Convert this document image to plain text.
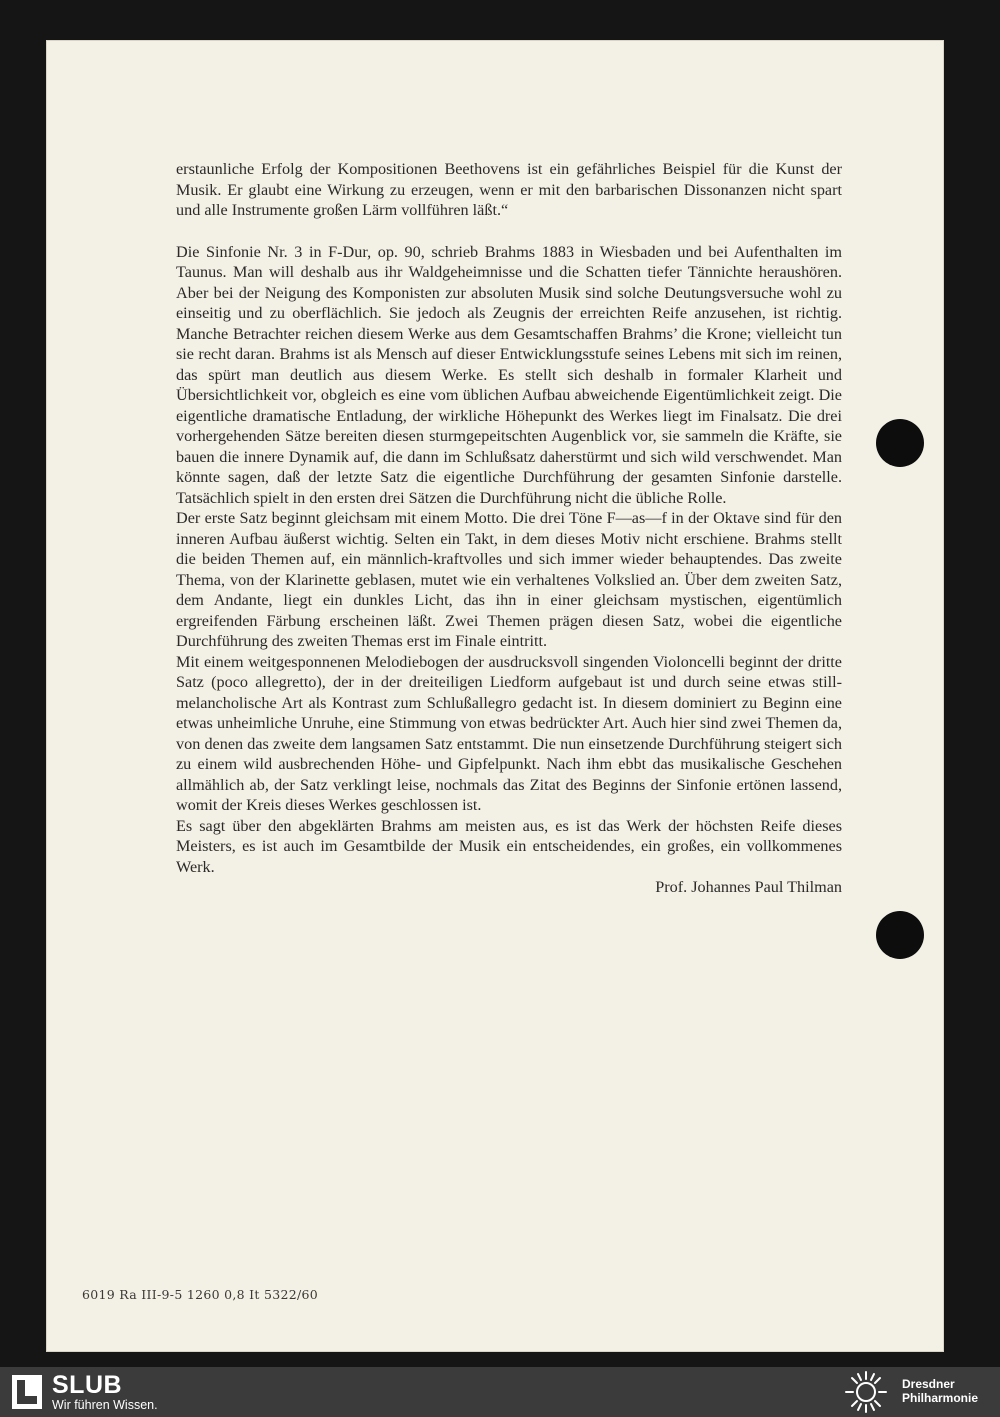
erstaunliche Erfolg der Kompositionen Beethovens ist ein gefährliches Beispiel für die Kunst der Musik. Er glaubt eine Wirkung zu erzeugen, wenn er mit den barbarischen Dissonanzen nicht spart und alle Instrumente großen Lärm vollführen läßt.“

Die Sinfonie Nr. 3 in F-Dur, op. 90, schrieb Brahms 1883 in Wiesbaden und bei Aufenthalten im Taunus. Man will deshalb aus ihr Waldgeheimnisse und die Schatten tiefer Tännichte heraushören. Aber bei der Neigung des Komponisten zur absoluten Musik sind solche Deutungsversuche wohl zu einseitig und zu oberflächlich. Sie jedoch als Zeugnis der erreichten Reife anzusehen, ist richtig. Manche Betrachter reichen diesem Werke aus dem Gesamtschaffen Brahms’ die Krone; vielleicht tun sie recht daran. Brahms ist als Mensch auf dieser Entwicklungsstufe seines Lebens mit sich im reinen, das spürt man deutlich aus diesem Werke. Es stellt sich deshalb in formaler Klarheit und Übersichtlichkeit vor, obgleich es eine vom üblichen Aufbau abweichende Eigentümlichkeit zeigt. Die eigentliche dramatische Entladung, der wirkliche Höhepunkt des Werkes liegt im Finalsatz. Die drei vorhergehenden Sätze bereiten diesen sturmgepeitschten Augenblick vor, sie sammeln die Kräfte, sie bauen die innere Dynamik auf, die dann im Schlußsatz daherstürmt und sich wild verschwendet. Man könnte sagen, daß der letzte Satz die eigentliche Durchführung der gesamten Sinfonie darstelle. Tatsächlich spielt in den ersten drei Sätzen die Durchführung nicht die übliche Rolle.

Der erste Satz beginnt gleichsam mit einem Motto. Die drei Töne F—as—f in der Oktave sind für den inneren Aufbau äußerst wichtig. Selten ein Takt, in dem dieses Motiv nicht erschiene. Brahms stellt die beiden Themen auf, ein männlich-kraftvolles und sich immer wieder behauptendes. Das zweite Thema, von der Klarinette geblasen, mutet wie ein verhaltenes Volkslied an. Über dem zweiten Satz, dem Andante, liegt ein dunkles Licht, das ihn in einer gleichsam mystischen, eigentümlich ergreifenden Färbung erscheinen läßt. Zwei Themen prägen diesen Satz, wobei die eigentliche Durchführung des zweiten Themas erst im Finale eintritt.

Mit einem weitgesponnenen Melodiebogen der ausdrucksvoll singenden Violoncelli beginnt der dritte Satz (poco allegretto), der in der dreiteiligen Liedform aufgebaut ist und durch seine etwas still-melancholische Art als Kontrast zum Schlußallegro gedacht ist. In diesem dominiert zu Beginn eine etwas unheimliche Unruhe, eine Stimmung von etwas bedrückter Art. Auch hier sind zwei Themen da, von denen das zweite dem langsamen Satz entstammt. Die nun einsetzende Durchführung steigert sich zu einem wild ausbrechenden Höhe- und Gipfelpunkt. Nach ihm ebbt das musikalische Geschehen allmählich ab, der Satz verklingt leise, nochmals das Zitat des Beginns der Sinfonie ertönen lassend, womit der Kreis dieses Werkes geschlossen ist.

Es sagt über den abgeklärten Brahms am meisten aus, es ist das Werk der höchsten Reife dieses Meisters, es ist auch im Gesamtbilde der Musik ein entscheidendes, ein großes, ein vollkommenes Werk.

Prof. Johannes Paul Thilman

6019 Ra III-9-5 1260 0,8 It 5322/60
SLUB
Wir führen Wissen.
Dresdner
Philharmonie
